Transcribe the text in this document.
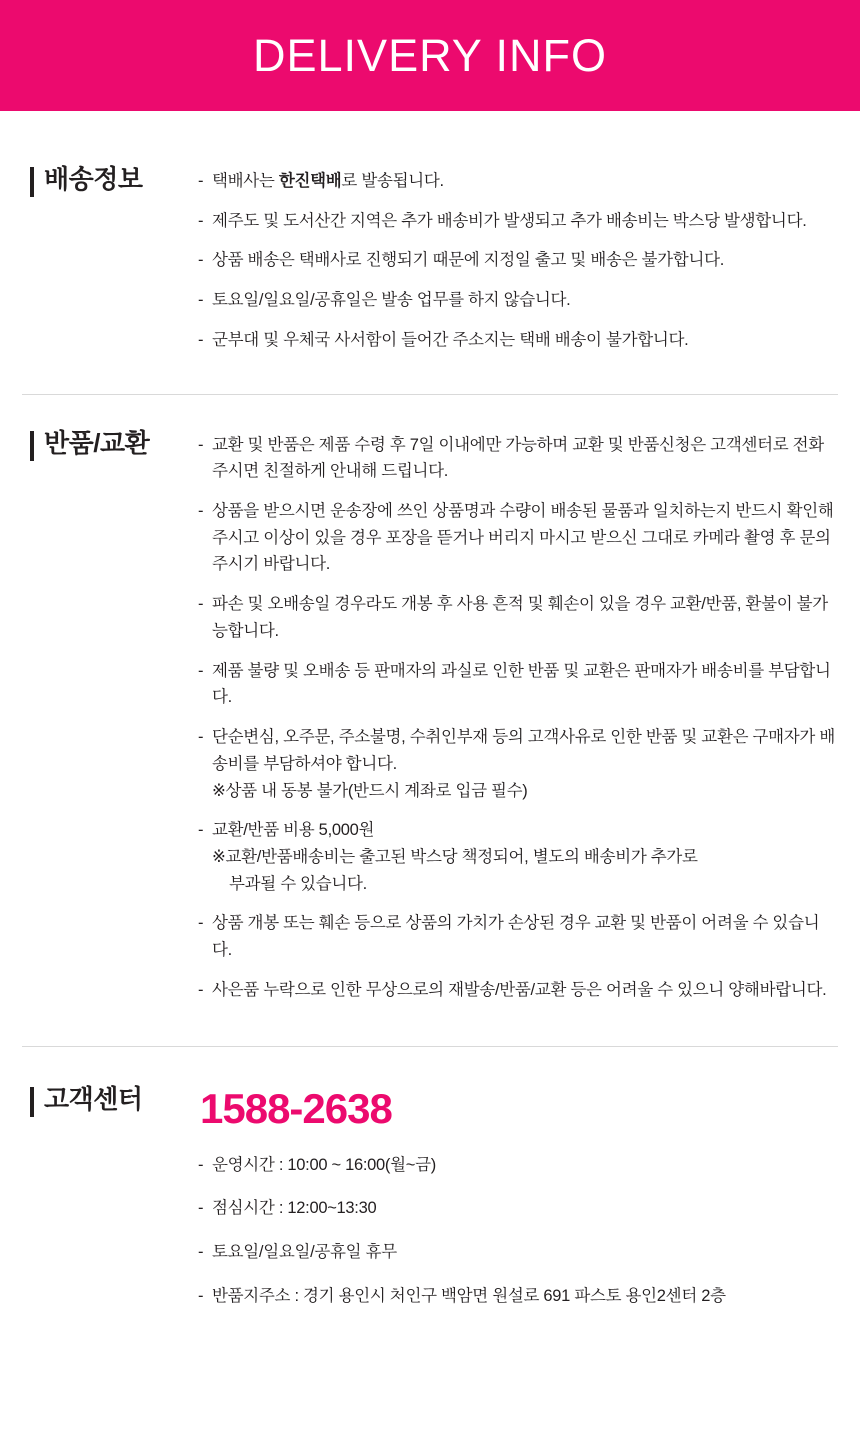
DELIVERY INFO
배송정보	- 택배사는 한진택배로 발송됩니다.
- 제주도 및 도서산간 지역은 추가 배송비가 발생되고 추가 배송비는 박스당 발생합니다.
- 상품 배송은 택배사로 진행되기 때문에 지정일 출고 및 배송은 불가합니다.
- 토요일/일요일/공휴일은 발송 업무를 하지 않습니다.
- 군부대 및 우체국 사서함이 들어간 주소지는 택배 배송이 불가합니다.
반품/교환	- 교환 및 반품은 제품 수령 후 7일 이내에만 가능하며 교환 및 반품신청은 고객센터로 전화주시면 친절하게 안내해 드립니다.
- 상품을 받으시면 운송장에 쓰인 상품명과 수량이 배송된 물품과 일치하는지 반드시 확인해주시고 이상이 있을 경우 포장을 뜯거나 버리지 마시고 받으신 그대로 카메라 촬영 후 문의주시기 바랍니다.
- 파손 및 오배송일 경우라도 개봉 후 사용 흔적 및 훼손이 있을 경우 교환/반품, 환불이 불가능합니다.
- 제품 불량 및 오배송 등 판매자의 과실로 인한 반품 및 교환은 판매자가 배송비를 부담합니다.
- 단순변심, 오주문, 주소불명, 수취인부재 등의 고객사유로 인한 반품 및 교환은 구매자가 배송비를 부담하셔야 합니다.
※상품 내 동봉 불가(반드시 계좌로 입금 필수)
- 교환/반품 비용 5,000원
※교환/반품배송비는 출고된 박스당 책정되어, 별도의 배송비가 추가로
부과될 수 있습니다.
- 상품 개봉 또는 훼손 등으로 상품의 가치가 손상된 경우 교환 및 반품이 어려울 수 있습니다.
- 사은품 누락으로 인한 무상으로의 재발송/반품/교환 등은 어려울 수 있으니 양해바랍니다.
고객센터 1588-2638
- 운영시간 : 10:00 ~ 16:00(월~금)
- 점심시간 : 12:00~13:30
- 토요일/일요일/공휴일 휴무
- 반품지주소 : 경기 용인시 처인구 백암면 원설로 691 파스토 용인2센터 2층
